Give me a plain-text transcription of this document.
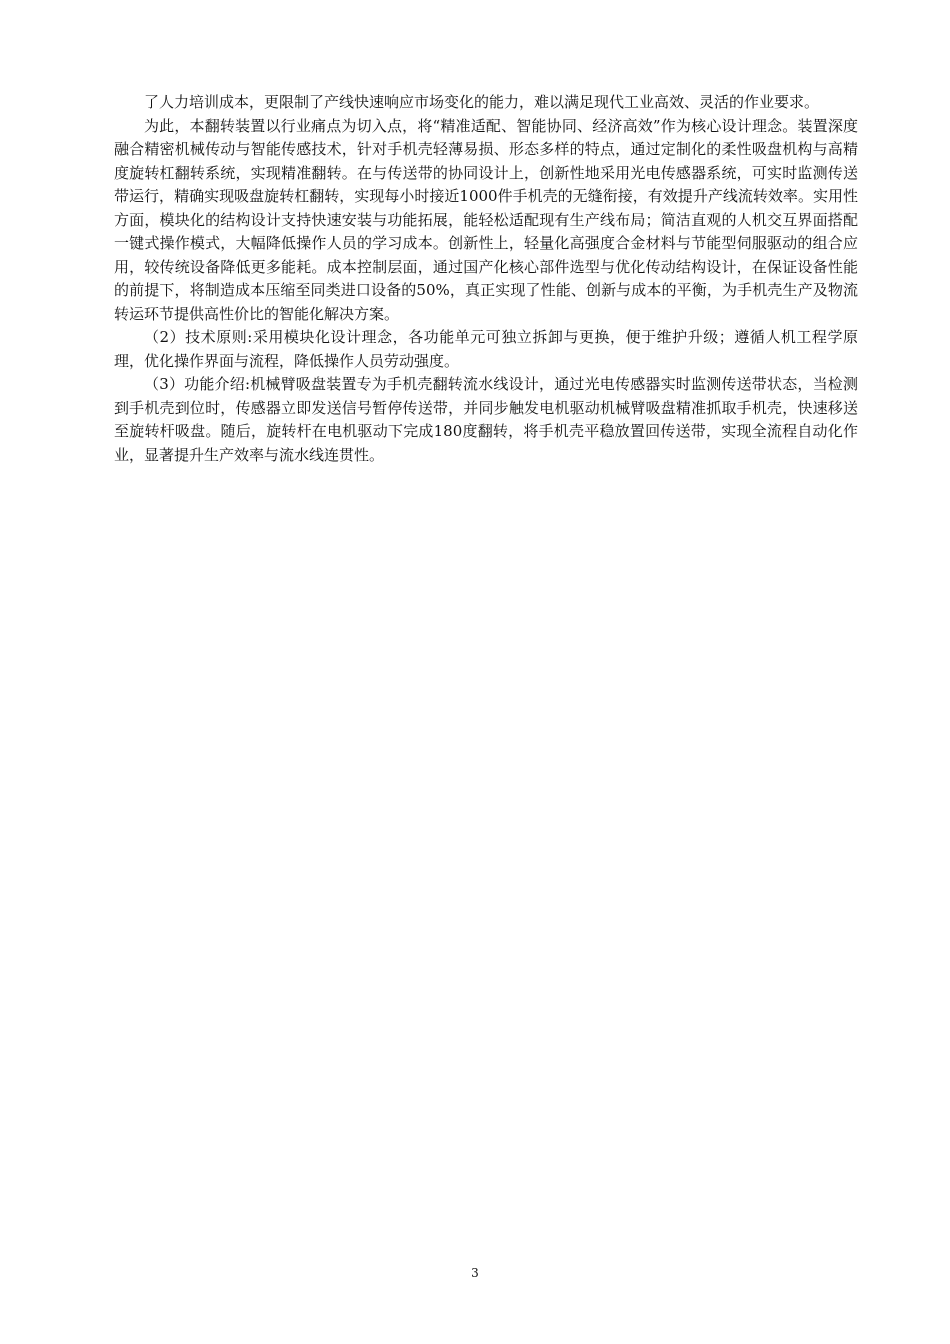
了人力培训成本，更限制了产线快速响应市场变化的能力，难以满足现代工业高效、灵活的作业要求。

为此，本翻转装置以行业痛点为切入点，将“精准适配、智能协同、经济高效”作为核心设计理念。装置深度融合精密机械传动与智能传感技术，针对手机壳轻薄易损、形态多样的特点，通过定制化的柔性吸盘机构与高精度旋转杠翻转系统，实现精准翻转。在与传送带的协同设计上，创新性地采用光电传感器系统，可实时监测传送带运行，精确实现吸盘旋转杠翻转，实现每小时接近1000件手机壳的无缝衔接，有效提升产线流转效率。实用性方面，模块化的结构设计支持快速安装与功能拓展，能轻松适配现有生产线布局；简洁直观的人机交互界面搭配一键式操作模式，大幅降低操作人员的学习成本。创新性上，轻量化高强度合金材料与节能型伺服驱动的组合应用，较传统设备降低更多能耗。成本控制层面，通过国产化核心部件选型与优化传动结构设计，在保证设备性能的前提下，将制造成本压缩至同类进口设备的50%，真正实现了性能、创新与成本的平衡，为手机壳生产及物流转运环节提供高性价比的智能化解决方案。

（2）技术原则:采用模块化设计理念，各功能单元可独立拆卸与更换，便于维护升级；遵循人机工程学原理，优化操作界面与流程，降低操作人员劳动强度。

（3）功能介绍:机械臂吸盘装置专为手机壳翻转流水线设计，通过光电传感器实时监测传送带状态，当检测到手机壳到位时，传感器立即发送信号暂停传送带，并同步触发电机驱动机械臂吸盘精准抓取手机壳，快速移送至旋转杆吸盘。随后，旋转杆在电机驱动下完成180度翻转，将手机壳平稳放置回传送带，实现全流程自动化作业，显著提升生产效率与流水线连贯性。

3
